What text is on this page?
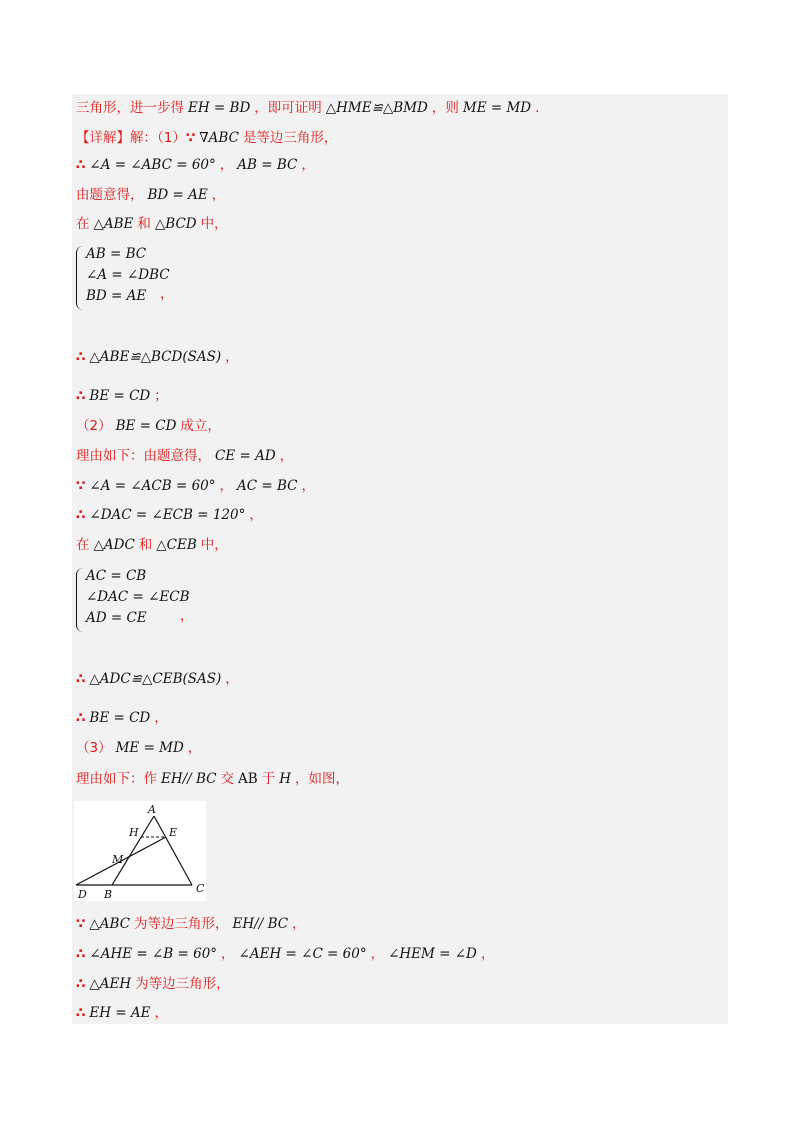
三角形，进一步得 EH = BD ，即可证明 △HME≌△BMD ，则 ME = MD .
【详解】解：（1）∵ ∇ABC 是等边三角形，
∴ ∠A = ∠ABC = 60° ， AB = BC ，
由题意得， BD = AE ，
在 △ABE 和 △BCD 中，
AB = BC
∠A = ∠DBC
BD = AE	，
∴ △ABE≌△BCD(SAS) ，
∴ BE = CD ；
（2） BE = CD 成立，
理由如下：由题意得， CE = AD ，
∵ ∠A = ∠ACB = 60° ， AC = BC ，
∴ ∠DAC = ∠ECB = 120° ，
在 △ADC 和 △CEB 中，
AC = CB
∠DAC = ∠ECB
AD = CE	，
∴ △ADC≌△CEB(SAS) ，
∴ BE = CD ，
（3） ME = MD ，
理由如下：作 EH// BC 交 AB 于 H ，如图，
∵ △ABC 为等边三角形， EH// BC ，
∴ ∠AHE = ∠B = 60° ， ∠AEH = ∠C = 60° ， ∠HEM = ∠D ，
∴ △AEH 为等边三角形，
∴ EH = AE ，
A
H	E
M
D B	C
